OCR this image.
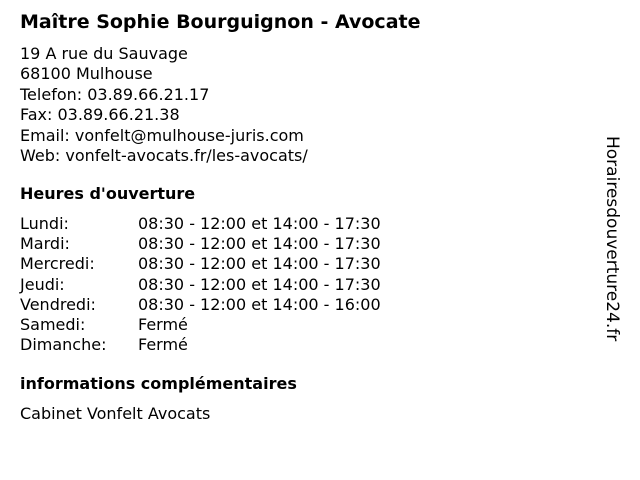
Maître Sophie Bourguignon - Avocate
19 A rue du Sauvage
68100 Mulhouse
Telefon: 03.89.66.21.17
Fax: 03.89.66.21.38
Email: vonfelt@mulhouse-juris.com
Web: vonfelt-avocats.fr/les-avocats/
Heures d'ouverture
Lundi:	08:30 - 12:00 et 14:00 - 17:30
Mardi:	08:30 - 12:00 et 14:00 - 17:30
Mercredi:	08:30 - 12:00 et 14:00 - 17:30
Jeudi:	08:30 - 12:00 et 14:00 - 17:30
Vendredi:	08:30 - 12:00 et 14:00 - 16:00
Samedi:	Fermé
Dimanche: Fermé
informations complémentaires
Cabinet Vonfelt Avocats
Horairesdouverture24.fr
